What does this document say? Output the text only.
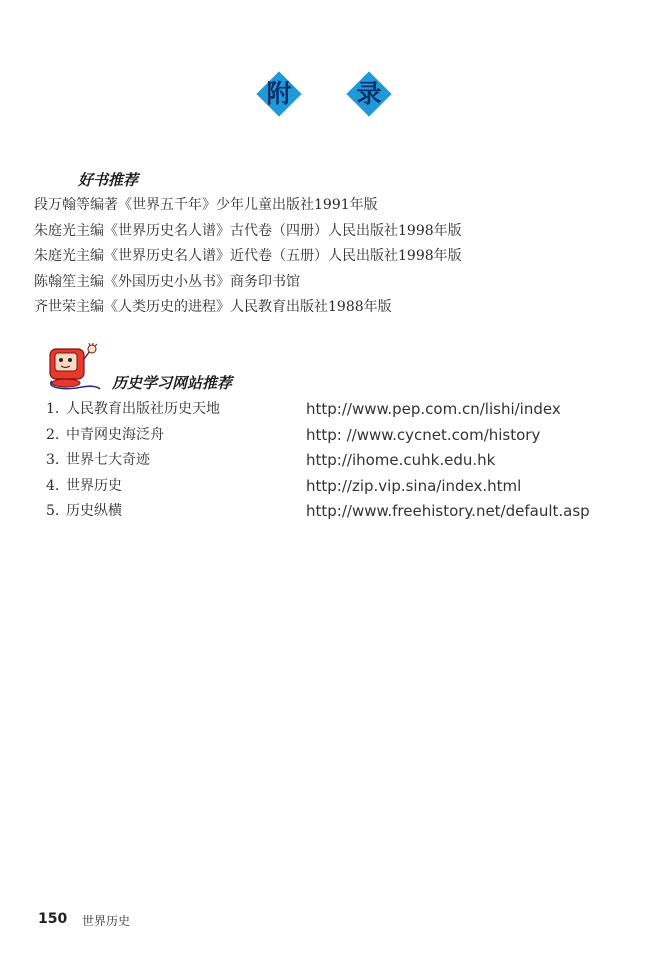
附	录
好书推荐
段万翰等编著《世界五千年》少年儿童出版社1991年版
朱庭光主编《世界历史名人谱》古代卷（四册）人民出版社1998年版
朱庭光主编《世界历史名人谱》近代卷（五册）人民出版社1998年版
陈翰笙主编《外国历史小丛书》商务印书馆
齐世荣主编《人类历史的进程》人民教育出版社1988年版
历史学习网站推荐
1. 人民教育出版社历史天地	http://www.pep.com.cn/lishi/index
2. 中青网史海泛舟	http: //www.cycnet.com/history
3. 世界七大奇迹	http://ihome.cuhk.edu.hk
4. 世界历史	http://zip.vip.sina/index.html
5. 历史纵横	http://www.freehistory.net/default.asp
150 世界历史
